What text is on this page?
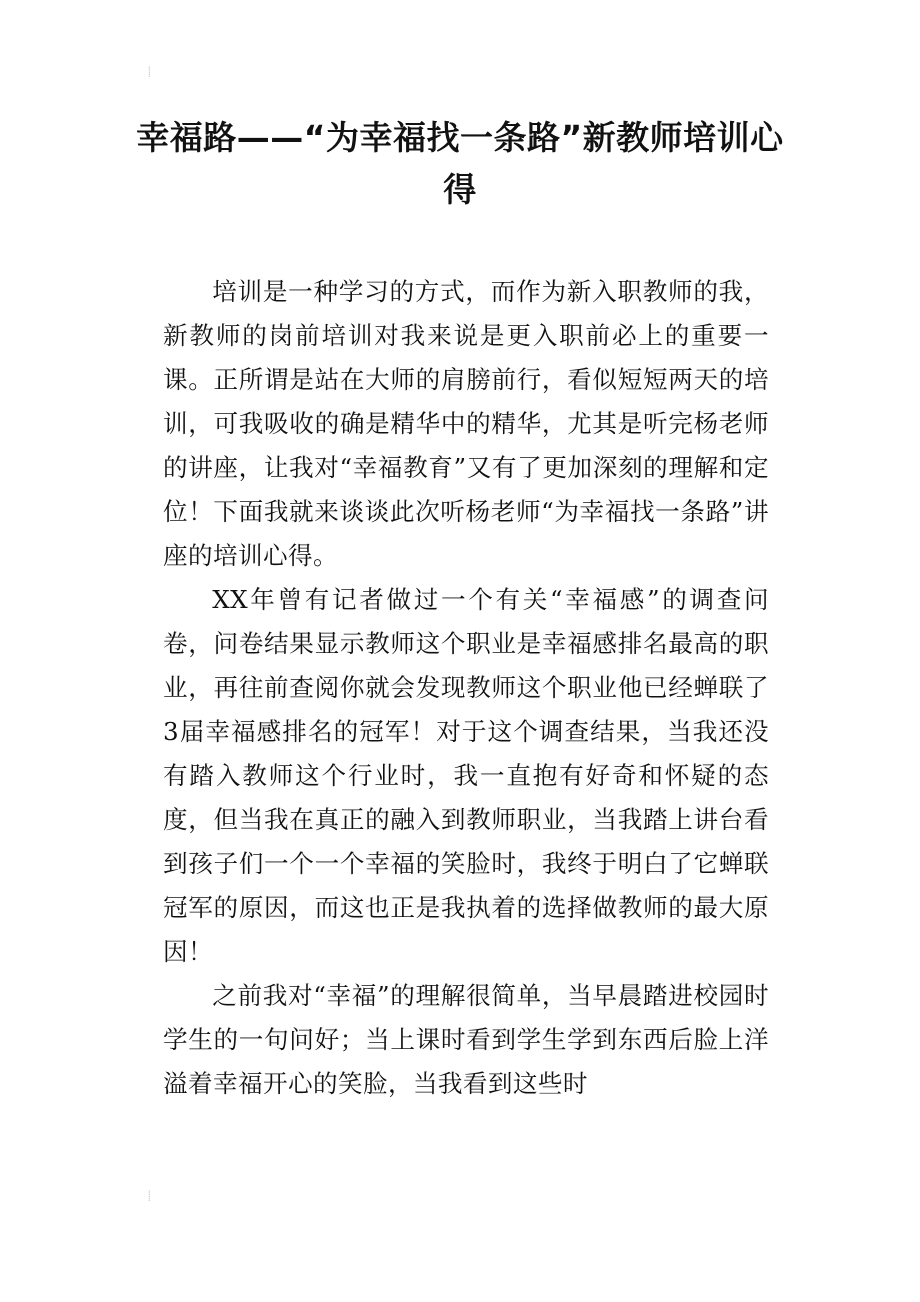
⸽
幸福路——“为幸福找一条路”新教师培训心得

培训是一种学习的方式，而作为新入职教师的我，新教师的岗前培训对我来说是更入职前必上的重要一课。正所谓是站在大师的肩膀前行，看似短短两天的培训，可我吸收的确是精华中的精华，尤其是听完杨老师的讲座，让我对“幸福教育”又有了更加深刻的理解和定位！下面我就来谈谈此次听杨老师“为幸福找一条路”讲座的培训心得。

XX年曾有记者做过一个有关“幸福感”的调查问卷，问卷结果显示教师这个职业是幸福感排名最高的职业，再往前查阅你就会发现教师这个职业他已经蝉联了3届幸福感排名的冠军！对于这个调查结果，当我还没有踏入教师这个行业时，我一直抱有好奇和怀疑的态度，但当我在真正的融入到教师职业，当我踏上讲台看到孩子们一个一个幸福的笑脸时，我终于明白了它蝉联冠军的原因，而这也正是我执着的选择做教师的最大原因！

之前我对“幸福”的理解很简单，当早晨踏进校园时学生的一句问好；当上课时看到学生学到东西后脸上洋溢着幸福开心的笑脸，当我看到这些时

⸽
